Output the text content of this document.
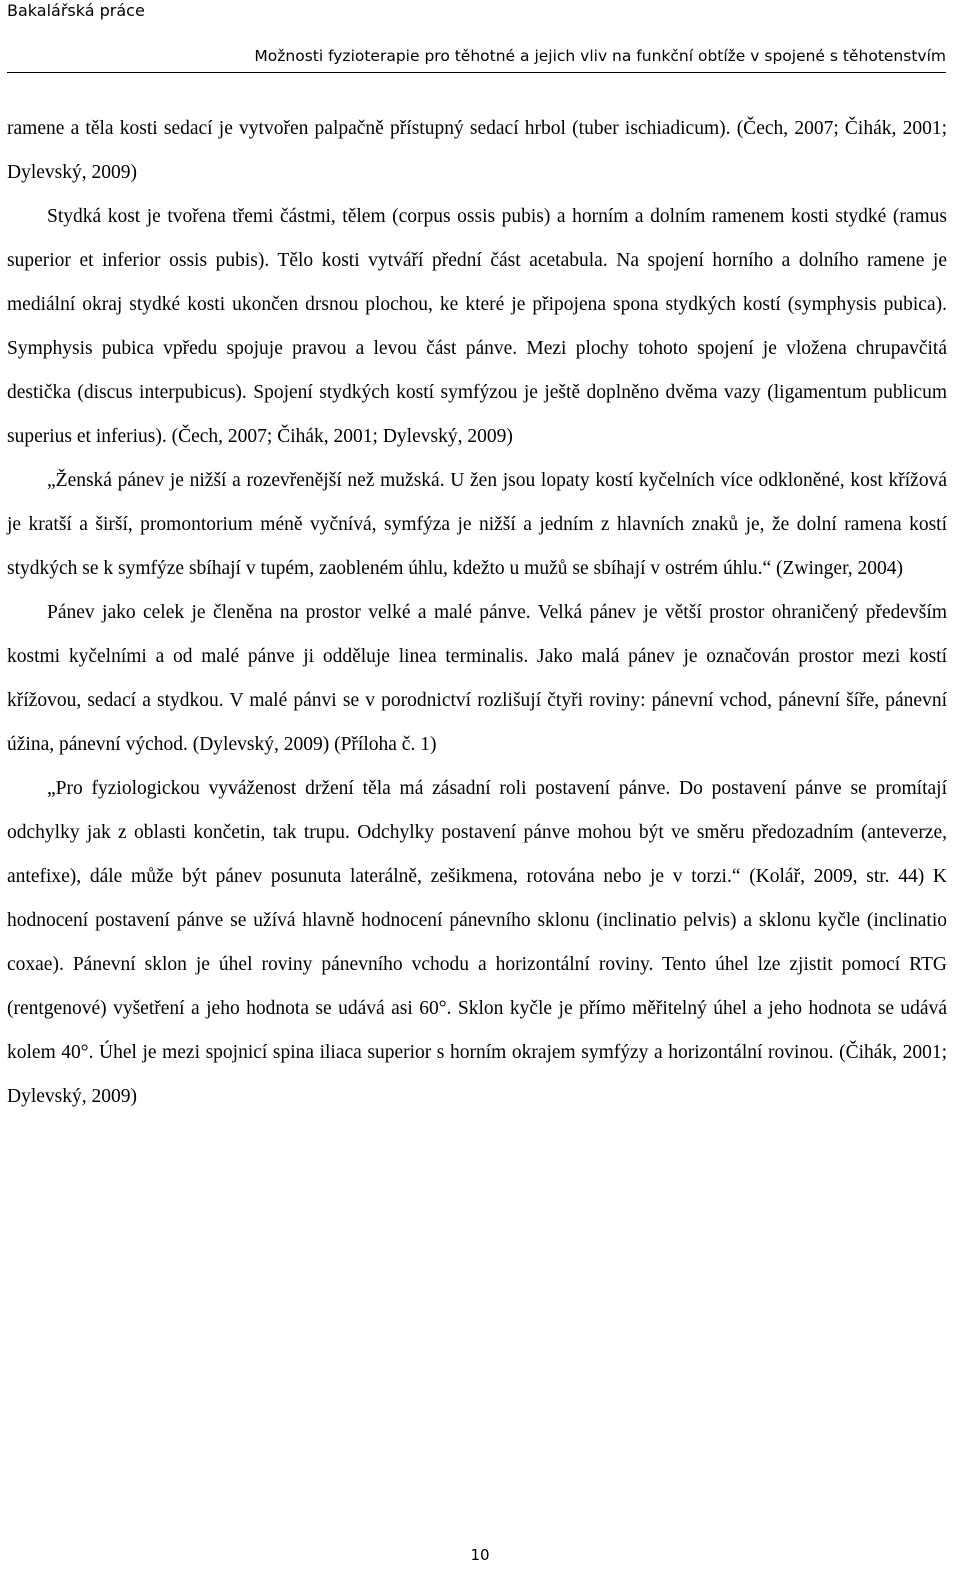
Bakalářská práce
Možnosti fyzioterapie pro těhotné a jejich vliv na funkční obtíže v spojené s těhotenstvím

ramene a těla kosti sedací je vytvořen palpačně přístupný sedací hrbol (tuber ischiadicum). (Čech, 2007; Čihák, 2001; Dylevský, 2009)

Stydká kost je tvořena třemi částmi, tělem (corpus ossis pubis) a horním a dolním ramenem kosti stydké (ramus superior et inferior ossis pubis). Tělo kosti vytváří přední část acetabula. Na spojení horního a dolního ramene je mediální okraj stydké kosti ukončen drsnou plochou, ke které je připojena spona stydkých kostí (symphysis pubica). Symphysis pubica vpředu spojuje pravou a levou část pánve. Mezi plochy tohoto spojení je vložena chrupavčitá destička (discus interpubicus). Spojení stydkých kostí symfýzou je ještě doplněno dvěma vazy (ligamentum publicum superius et inferius). (Čech, 2007; Čihák, 2001; Dylevský, 2009)

„Ženská pánev je nižší a rozevřenější než mužská. U žen jsou lopaty kostí kyčelních více odkloněné, kost křížová je kratší a širší, promontorium méně vyčnívá, symfýza je nižší a jedním z hlavních znaků je, že dolní ramena kostí stydkých se k symfýze sbíhají v tupém, zaobleném úhlu, kdežto u mužů se sbíhají v ostrém úhlu.“ (Zwinger, 2004)

Pánev jako celek je členěna na prostor velké a malé pánve. Velká pánev je větší prostor ohraničený především kostmi kyčelními a od malé pánve ji odděluje linea terminalis. Jako malá pánev je označován prostor mezi kostí křížovou, sedací a stydkou. V malé pánvi se v porodnictví rozlišují čtyři roviny: pánevní vchod, pánevní šíře, pánevní úžina, pánevní východ. (Dylevský, 2009) (Příloha č. 1)

„Pro fyziologickou vyváženost držení těla má zásadní roli postavení pánve. Do postavení pánve se promítají odchylky jak z oblasti končetin, tak trupu. Odchylky postavení pánve mohou být ve směru předozadním (anteverze, antefixe), dále může být pánev posunuta laterálně, zešikmena, rotována nebo je v torzi.“ (Kolář, 2009, str. 44) K hodnocení postavení pánve se užívá hlavně hodnocení pánevního sklonu (inclinatio pelvis) a sklonu kyčle (inclinatio coxae). Pánevní sklon je úhel roviny pánevního vchodu a horizontální roviny. Tento úhel lze zjistit pomocí RTG (rentgenové) vyšetření a jeho hodnota se udává asi 60°. Sklon kyčle je přímo měřitelný úhel a jeho hodnota se udává kolem 40°. Úhel je mezi spojnicí spina iliaca superior s horním okrajem symfýzy a horizontální rovinou. (Čihák, 2001; Dylevský, 2009)

10
